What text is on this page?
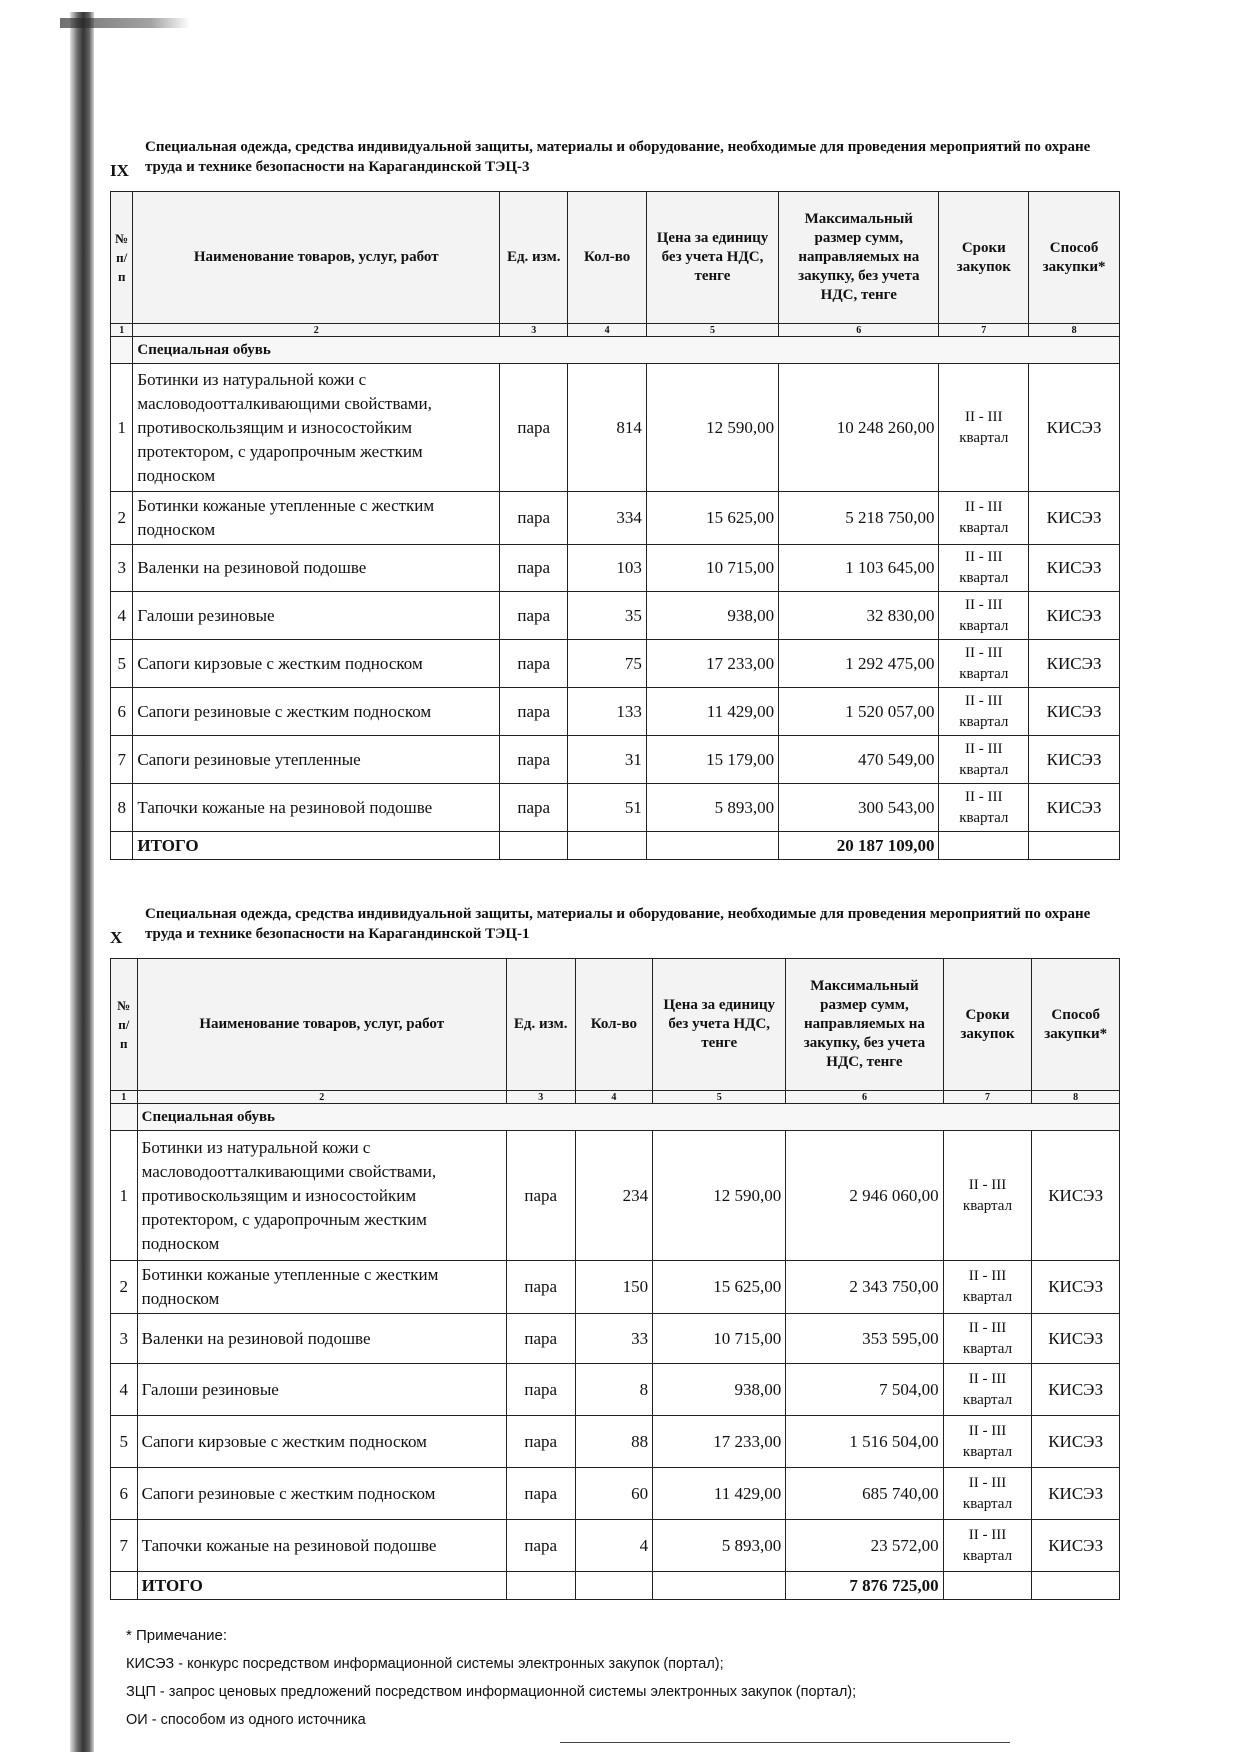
IX
Специальная одежда, средства индивидуальной защиты, материалы и оборудование, необходимые для проведения мероприятий по охране труда и технике безопасности на Карагандинской ТЭЦ-3
№ п/п	Наименование товаров, услуг, работ	Ед. изм.	Кол-во	Цена за единицу без учета НДС, тенге	Максимальный размер сумм, направляемых на закупку, без учета НДС, тенге	Сроки закупок	Способ закупки*
1	2	3	4	5	6	7	8
	Специальная обувь						
1	Ботинки из натуральной кожи с масловодоотталкивающими свойствами, противоскользящим и износостойким протектором, с ударопрочным жестким подноском	пара	814	12 590,00	10 248 260,00	II - III квартал	КИСЭЗ
2	Ботинки кожаные утепленные с жестким подноском	пара	334	15 625,00	5 218 750,00	II - III квартал	КИСЭЗ
3	Валенки на резиновой подошве	пара	103	10 715,00	1 103 645,00	II - III квартал	КИСЭЗ
4	Галоши резиновые	пара	35	938,00	32 830,00	II - III квартал	КИСЭЗ
5	Сапоги кирзовые с жестким подноском	пара	75	17 233,00	1 292 475,00	II - III квартал	КИСЭЗ
6	Сапоги резиновые с жестким подноском	пара	133	11 429,00	1 520 057,00	II - III квартал	КИСЭЗ
7	Сапоги резиновые утепленные	пара	31	15 179,00	470 549,00	II - III квартал	КИСЭЗ
8	Тапочки кожаные на резиновой подошве	пара	51	5 893,00	300 543,00	II - III квартал	КИСЭЗ
	ИТОГО				20 187 109,00		
X
Специальная одежда, средства индивидуальной защиты, материалы и оборудование, необходимые для проведения мероприятий по охране труда и технике безопасности на Карагандинской ТЭЦ-1
№ п/п	Наименование товаров, услуг, работ	Ед. изм.	Кол-во	Цена за единицу без учета НДС, тенге	Максимальный размер сумм, направляемых на закупку, без учета НДС, тенге	Сроки закупок	Способ закупки*
1	2	3	4	5	6	7	8
	Специальная обувь						
1	Ботинки из натуральной кожи с масловодоотталкивающими свойствами, противоскользящим и износостойким протектором, с ударопрочным жестким подноском	пара	234	12 590,00	2 946 060,00	II - III квартал	КИСЭЗ
2	Ботинки кожаные утепленные с жестким подноском	пара	150	15 625,00	2 343 750,00	II - III квартал	КИСЭЗ
3	Валенки на резиновой подошве	пара	33	10 715,00	353 595,00	II - III квартал	КИСЭЗ
4	Галоши резиновые	пара	8	938,00	7 504,00	II - III квартал	КИСЭЗ
5	Сапоги кирзовые с жестким подноском	пара	88	17 233,00	1 516 504,00	II - III квартал	КИСЭЗ
6	Сапоги резиновые с жестким подноском	пара	60	11 429,00	685 740,00	II - III квартал	КИСЭЗ
7	Тапочки кожаные на резиновой подошве	пара	4	5 893,00	23 572,00	II - III квартал	КИСЭЗ
	ИТОГО				7 876 725,00		

* Примечание:

КИСЭЗ - конкурс посредством информационной системы электронных закупок (портал);

ЗЦП - запрос ценовых предложений посредством информационной системы электронных закупок (портал);

ОИ - способом из одного источника
